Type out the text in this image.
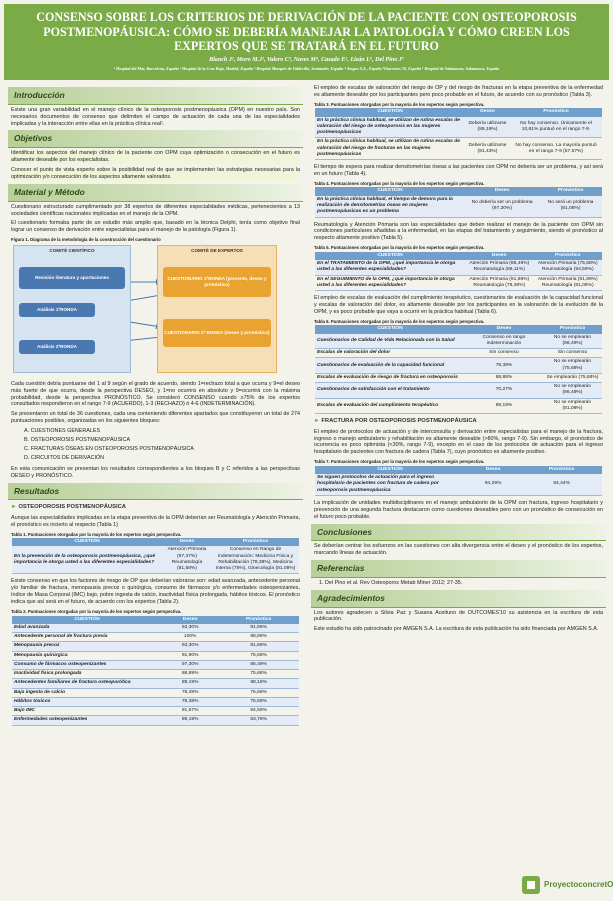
CONSENSO SOBRE LOS CRITERIOS DE DERIVACIÓN DE LA PACIENTE CON OSTEOPOROSIS POSTMENOPÁUSICA: CÓMO SE DEBERÍA MANEJAR LA PATOLOGÍA Y CÓMO CREEN LOS EXPERTOS QUE SE TRATARÁ EN EL FUTURO
Blanch J¹, Moro M.J², Valero C³, Naves M⁴, Casado E⁵, Lizán L⁶, Del Pino J⁷
¹ Hospital del Mar, Barcelona, España ² Hospital de la Cruz Roja, Madrid, España ³ Hospital Marqués de Valdecilla, Santander, España ⁴ Amgen S.A., España ⁵Outcomes'10, España ⁶ Hospital de Salamanca, Salamanca, España
Introducción

Existe una gran variabilidad en el manejo clínico de la osteoporosis postmenopáusica (OPM) en nuestro país. Son necesarios documentos de consenso que delimiten el campo de actuación de cada una de las especialidades implicadas y la interacción entre ellas en la práctica clínica real¹.

Objetivos

Identificar los aspectos del manejo clínico de la paciente con OPM cuya optimización o consecución en el futuro es altamente deseable por los especialistas.

Conocer el punto de vista experto sobre la posibilidad real de que se implementen las estrategias necesarias para la optimización y/o consecución de los aspectos altamente valorados.

Material y Método

Cuestionario estructurado cumplimentado por 38 expertos de diferentes especialidades médicas, pertenecientes a 13 sociedades científicas nacionales implicadas en el manejo de la OPM.

El cuestionario formaba parte de un estudio más amplio que, basado en la técnica Delphi, tenía como objetivo final lograr un consenso de derivación entre especialistas para el manejo de la patología (Figura 1).

Figura 1. Diagrama de la metodología de la construcción del cuestionario
COMITÉ CIENTÍFICO	COMITÉ DE EXPERTOS
Revisión literatura y aportaciones
Análisis 1ªRONDA
Análisis 2ªRONDA
CUESTIONARIO 1ªRONDA (presente, deseo y pronóstico)
CUESTIONARIO 2ª RONDA (deseo y pronóstico)

Cada cuestión debía puntuarse del 1 al 9 según el grado de acuerdo, siendo 1=rechazo total a que ocurra y 9=el deseo más fuerte de que ocurra, desde la perspectiva DESEO, y 1=no ocurrirá en absoluto y 9=ocurrirá con la máxima probabilidad, desde la perspectiva PRONÓSTICO. Se consideró CONSENSO cuando ≥75% de los expertos consultados respondieron en el rango 7-9 (ACUERDO), 1-3 (RECHAZO) ó 4-6 (INDETERMINACIÓN).

Se presentaron un total de 36 cuestiones, cada una conteniendo diferentes apartados que constituyeron un total de 274 puntuaciones posibles, organizadas en los siguientes bloques:

A. CUESTIONES GENERALES
B. OSTEOPOROSIS POSTMENOPÁUSICA
C. FRACTURAS ÓSEAS EN OSTEOPOROSIS POSTMENOPÁUSICA
D. CIRCUITOS DE DERIVACIÓN

En esta comunicación se presentan los resultados correspondientes a los bloques B y C referidos a las perspectivas DESEO y PRONÓSTICO.

Resultados
► OSTEOPOROSIS POSTMENOPÁUSICA

Aunque las especialidades implicadas en la etapa preventiva de la OPM deberían ser Reumatología y Atención Primaria, el pronóstico es incierto al respecto (Tabla 1)

Tabla 1. Puntuaciones otorgadas por la mayoría de los expertos según perspectiva.
CUESTIÓN	Deseo	Pronóstico
En la prevención de la osteoporosis postmenopáusica, ¿qué importancia le otorga usted a las diferentes especialidades?	Atención Primaria (97,37%) Reumatología (81,58%)	Consenso en Rango de Indeterminación: Medicina Física y Rehabilitación (78,38%), Medicina Interna (75%), Ginecología (81,08%)

Existe consenso en que los factores de riesgo de OP que deberían valorarse son: edad avanzada, antecedente personal y/o familiar de fractura, menopausia precoz o quirúrgica, consumo de fármacos y/o enfermedades osteopenizantes, índice de Masa Corporal (IMC) bajo, pobre ingesta de calcio, inactividad física prolongada, hábitos tóxicos. El pronóstico indica que así será en el futuro, de acuerdo con los expertos (Tabla 2).

Tabla 2. Puntuaciones otorgadas por la mayoría de los expertos según perspectiva.
CUESTIÓN	Deseo	Pronóstico
Edad avanzada	93,30%	91,66%
Antecedente personal de fractura previa	100%	88,89%
Menopausia precoz	93,30%	91,66%
Menopausia quirúrgica	91,90%	75,68%
Consumo de fármacos osteopenizantes	97,30%	86,49%
Inactividad física prolongada	88,89%	75,68%
Antecedentes familiares de fractura osteoporótica	89,19%	88,19%
Baja ingesta de calcio	78,38%	75,68%
Hábitos tóxicos	78,38%	75,68%
Bajo IMC	91,67%	94,59%
Enfermedades osteopenizantes	89,19%	83,78%

El empleo de escalas de valoración del riesgo de OP y del riesgo de fracturas en la etapa preventiva de la enfermedad es altamente deseable por los participantes pero poco probable en el futuro, de acuerdo con su pronóstico (Tabla 3).

Tabla 3. Puntuaciones otorgadas por la mayoría de los expertos según perspectiva.
CUESTIÓN	Deseo	Pronóstico
En la práctica clínica habitual, se utilizan de rutina escalas de valoración del riesgo de osteoporosis en las mujeres postmenopáusicas	Debería utilizarse (89,19%)	No hay consenso. Únicamente el 10,81% puntuó en el rango 7-9.
En la práctica clínica habitual, se utilizan de rutina escalas de valoración del riesgo de fracturas en las mujeres postmenopáusicas	Debería utilizarse (91,43%)	No hay consenso. La mayoría puntuó en el rango 7-9 (57,57%)

El tiempo de espera para realizar densitometrías óseas a las pacientes con OPM no debería ser un problema, y así será en un futuro (Tabla 4).

Tabla 4. Puntuaciones otorgadas por la mayoría de los expertos según perspectiva.
CUESTIÓN	Deseo	Pronóstico
En la práctica clínica habitual, el tiempo de demora para la realización de densitometrías óseas en mujeres postmenopáusicas es un problema	No debería ser un problema (97,30%)	No será un problema (81,08%)

Reumatología y Atención Primaria son las especialidades que deben realizar el manejo de la paciente con OPM sin condiciones particulares añadidas a la enfermedad, en las etapas del tratamiento y seguimiento, siendo el pronóstico al respecto altamente positivo (Tabla 5).

Tabla 5. Puntuaciones otorgadas por la mayoría de los expertos según perspectiva.
CUESTIÓN	Deseo	Pronóstico
En el TRATAMIENTO de la OPM, ¿qué importancia le otorga usted a las diferentes especialidades?	Atención Primaria (86,49%) Reumatología (86,11%)	Atención Primaria (75,68%) Reumatología (94,59%)
En el SEGUIMIENTO de la OPM, ¿qué importancia le otorga usted a las diferentes especialidades?	Atención Primaria (91,89%) Reumatología (78,38%)	Atención Primaria (91,89%) Reumatología (81,08%)

El empleo de escalas de evaluación del cumplimiento terapéutico, cuestionarios de evaluación de la capacidad funcional y escalas de valoración del dolor, es altamente deseable por los participantes en la valoración de la evolución de la OPM, y es poco probable que vaya a ocurrir en la práctica habitual (Tabla 6).

Tabla 6. Puntuaciones otorgadas por la mayoría de los expertos según perspectiva.
CUESTIÓN	Deseo	Pronóstico
Cuestionarios de Calidad de Vida Relacionada con la Salud	Consenso en rango indeterminación	No se emplearán (86,49%)
Escalas de valoración del dolor	Sin consenso	Sin consenso
Cuestionarios de evaluación de la capacidad funcional	78,38%	No se emplearán (75,68%)
Escalas de evaluación de riesgo de fractura en osteoporosis	88,88%	Se emplearán (75,68%)
Cuestionarios de satisfacción con el tratamiento	70,27%	No se emplearán (86,49%)
Escalas de evaluación del cumplimiento terapéutico	89,19%	No se emplearán (81,08%)
► FRACTURA POR OSTEOPOROSIS POSTMENOPÁUSICA

El empleo de protocolos de actuación y de interconsulta y derivación entre especialistas para el manejo de la fractura, ingreso o manejo ambulatorio y rehabilitación es altamente deseable (>80%, rango 7-9). Sin embargo, el pronóstico de ocurrencia es poco optimista (<30%, rango 7-9), excepto en el caso de los protocolos de actuación para el ingreso hospitalario de pacientes con fractura de cadera (Tabla 7), cuyo pronóstico es altamente positivo.

Tabla 7. Puntuaciones otorgadas por la mayoría de los expertos según perspectiva.
CUESTIÓN	Deseo	Pronóstico
Se siguen protocolos de actuación para el ingreso hospitalario de pacientes con fractura de cadera por osteoporosis postmenopáusica	94,29%	94,44%

La implicación de unidades multidisciplinares en el manejo ambulatorio de la OPM con fractura, ingreso hospitalario y prevención de una segunda fractura destacaron como cuestiones deseables pero con un pronóstico de consecución en el futuro poco probable.

Conclusiones

Se deberían centrar los esfuerzos en las cuestiones con alta divergencia entre el deseo y el pronóstico de los expertos, marcando líneas de actuación.

Referencias
1. Del Pino et al. Rev Osteoporos Metab Miner 2012; 27-35.
Agradecimientos

Los autores agradecen a Silvia Paz y Susana Aceituno de OUTCOMES'10 su asistencia en la escritura de esta publicación.

Este estudio ha sido patrocinado por AMGEN S.A. La escritura de esta publicación ha sido financiada por AMGEN S.A.

ProyectoconcretO
